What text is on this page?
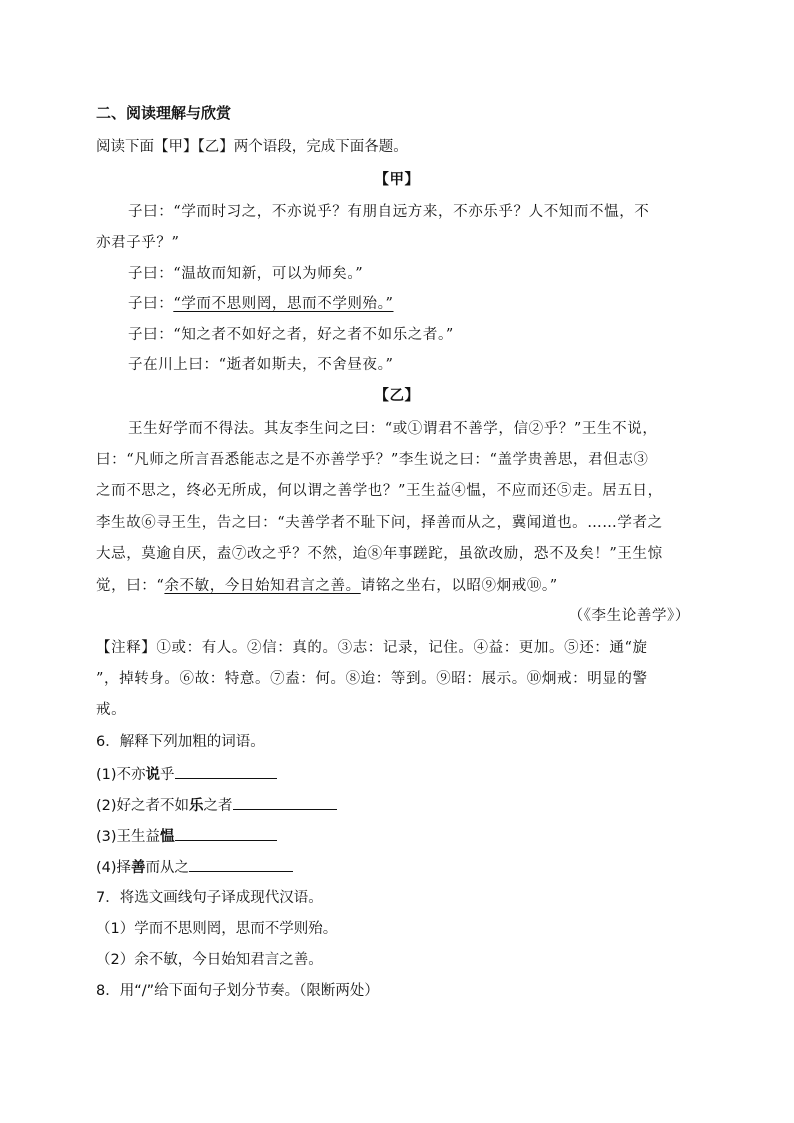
二、阅读理解与欣赏
阅读下面【甲】【乙】两个语段，完成下面各题。
【甲】
子曰：“学而时习之，不亦说乎？有朋自远方来，不亦乐乎？人不知而不愠，不
亦君子乎？”
子曰：“温故而知新，可以为师矣。”
子曰：“学而不思则罔，思而不学则殆。”
子曰：“知之者不如好之者，好之者不如乐之者。”
子在川上曰：“逝者如斯夫，不舍昼夜。”
【乙】
王生好学而不得法。其友李生问之曰：“或①谓君不善学，信②乎？”王生不说，
曰：“凡师之所言吾悉能志之是不亦善学乎？”李生说之曰：“盖学贵善思，君但志③
之而不思之，终必无所成，何以谓之善学也？”王生益④愠，不应而还⑤走。居五日，
李生故⑥寻王生，告之曰：“夫善学者不耻下问，择善而从之，冀闻道也。……学者之
大忌，莫逾自厌，盍⑦改之乎？不然，迨⑧年事蹉跎，虽欲改励，恐不及矣！”王生惊
觉，曰：“余不敏，今日始知君言之善。请铭之坐右，以昭⑨炯戒⑩。”
（《李生论善学》）
【注释】①或：有人。②信：真的。③志：记录，记住。④益：更加。⑤还：通“旋
”，掉转身。⑥故：特意。⑦盍：何。⑧迨：等到。⑨昭：展示。⑩炯戒：明显的警
戒。
6．解释下列加粗的词语。
(1)不亦说乎
(2)好之者不如乐之者
(3)王生益愠
(4)择善而从之
7．将选文画线句子译成现代汉语。
（1）学而不思则罔，思而不学则殆。
（2）余不敏，今日始知君言之善。
8．用“/”给下面句子划分节奏。（限断两处）
